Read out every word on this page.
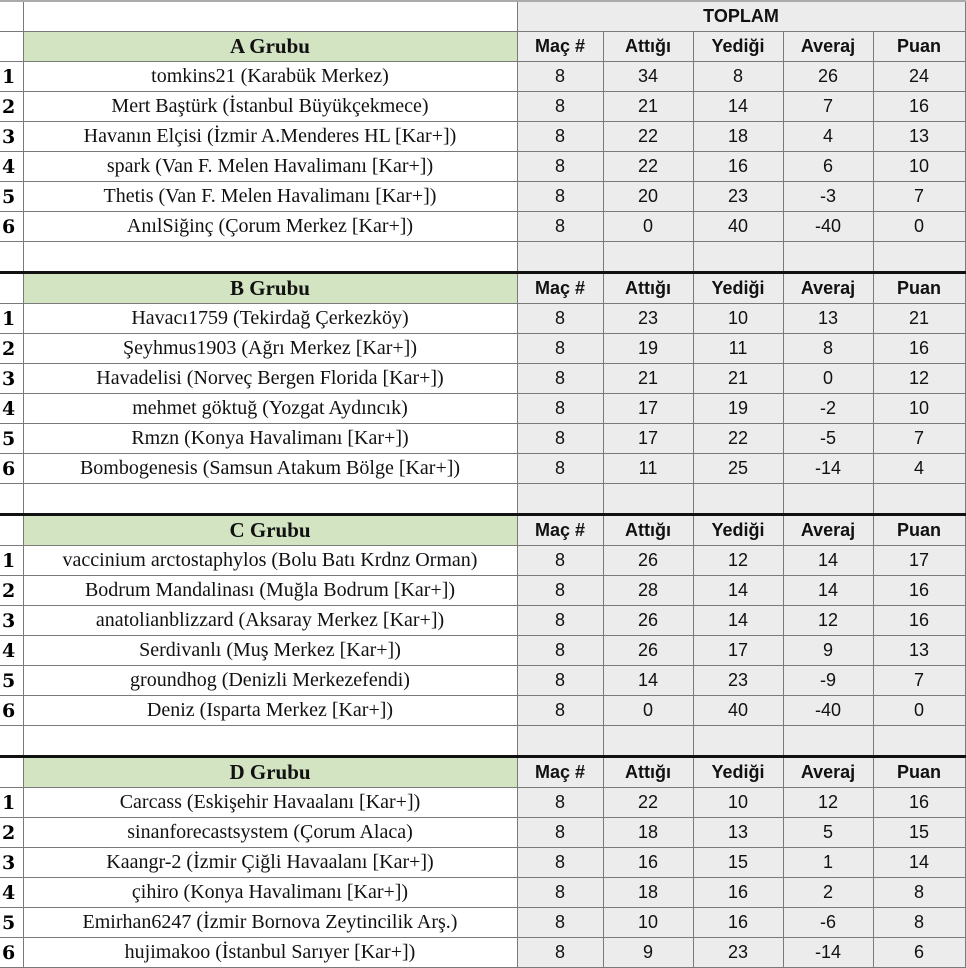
		TOPLAM				
	A Grubu	Maç #	Attığı	Yediği	Averaj	Puan
1	tomkins21 (Karabük Merkez)	8	34	8	26	24
2	Mert Baştürk (İstanbul Büyükçekmece)	8	21	14	7	16
3	Havanın Elçisi (İzmir A.Menderes HL [Kar+])	8	22	18	4	13
4	spark (Van F. Melen Havalimanı [Kar+])	8	22	16	6	10
5	Thetis (Van F. Melen Havalimanı [Kar+])	8	20	23	-3	7
6	AnılSiğinç (Çorum Merkez [Kar+])	8	0	40	-40	0

	B Grubu	Maç #	Attığı	Yediği	Averaj	Puan
1	Havacı1759 (Tekirdağ Çerkezköy)	8	23	10	13	21
2	Şeyhmus1903 (Ağrı Merkez [Kar+])	8	19	11	8	16
3	Havadelisi (Norveç Bergen Florida [Kar+])	8	21	21	0	12
4	mehmet göktuğ (Yozgat Aydıncık)	8	17	19	-2	10
5	Rmzn (Konya Havalimanı [Kar+])	8	17	22	-5	7
6	Bombogenesis (Samsun Atakum Bölge [Kar+])	8	11	25	-14	4

	C Grubu	Maç #	Attığı	Yediği	Averaj	Puan
1	vaccinium arctostaphylos (Bolu Batı Krdnz Orman)	8	26	12	14	17
2	Bodrum Mandalinası (Muğla Bodrum [Kar+])	8	28	14	14	16
3	anatolianblizzard (Aksaray Merkez [Kar+])	8	26	14	12	16
4	Serdivanlı (Muş Merkez [Kar+])	8	26	17	9	13
5	groundhog (Denizli Merkezefendi)	8	14	23	-9	7
6	Deniz (Isparta Merkez [Kar+])	8	0	40	-40	0

	D Grubu	Maç #	Attığı	Yediği	Averaj	Puan
1	Carcass (Eskişehir Havaalanı [Kar+])	8	22	10	12	16
2	sinanforecastsystem (Çorum Alaca)	8	18	13	5	15
3	Kaangr-2 (İzmir Çiğli Havaalanı [Kar+])	8	16	15	1	14
4	çihiro (Konya Havalimanı [Kar+])	8	18	16	2	8
5	Emirhan6247 (İzmir Bornova Zeytincilik Arş.)	8	10	16	-6	8
6	hujimakoo (İstanbul Sarıyer [Kar+])	8	9	23	-14	6
